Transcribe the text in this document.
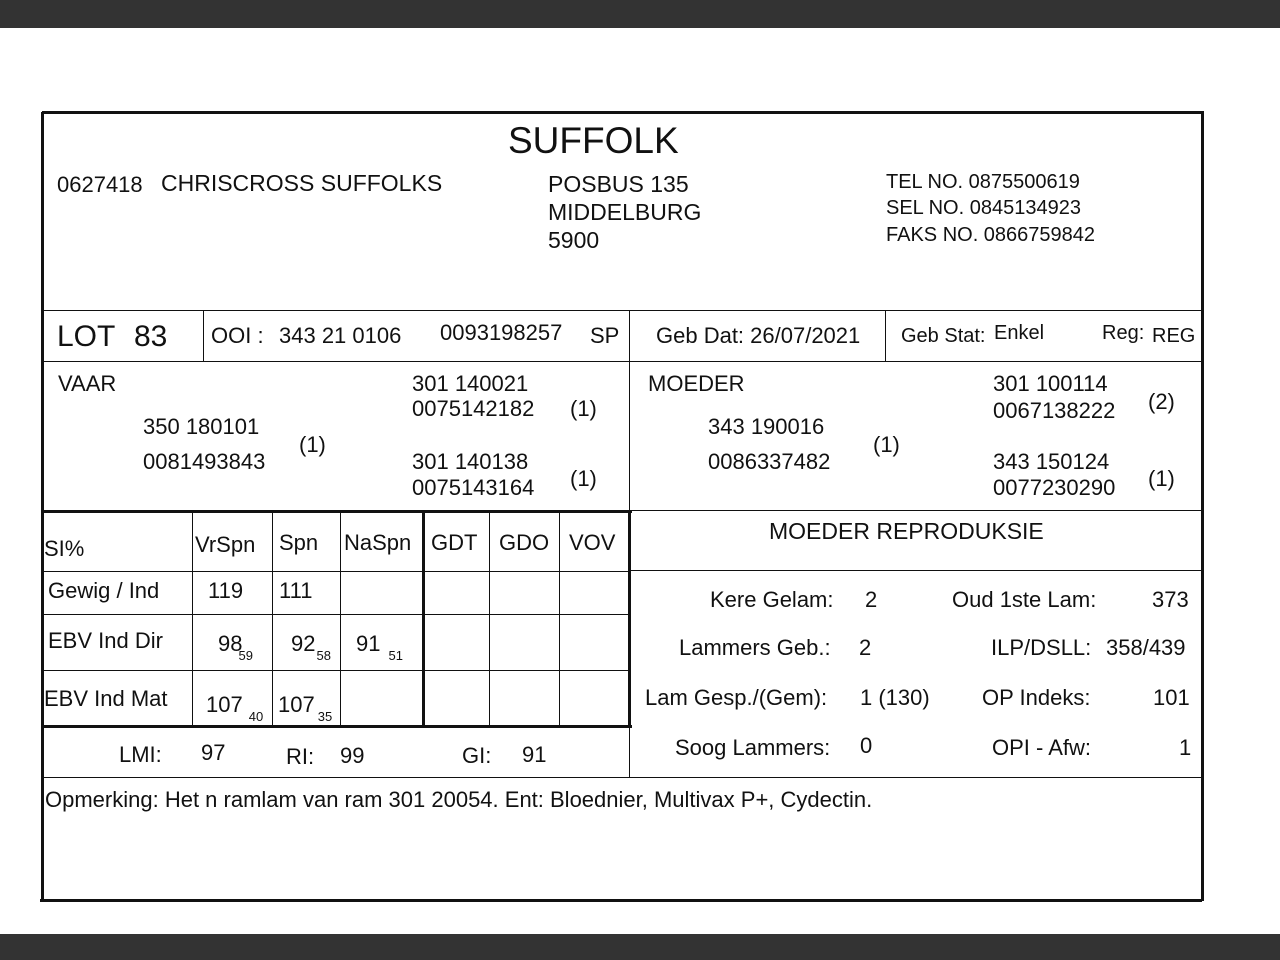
SUFFOLK
0627418 CHRISCROSS SUFFOLKS	POSBUS 135
MIDDELBURG
5900
TEL NO. 0875500619
SEL NO. 0845134923
FAKS NO. 0866759842
LOT 83 OOI : 343 21 0106 0093198257 SP Geb Dat: 26/07/2021 Geb Stat: Enkel	Reg: REG
VAAR
350 180101
0081493843
(1)
301 140021
0075142182 (1)
301 140138
0075143164 (1)
MOEDER
343 190016
0086337482
(1)
301 100114
0067138222 (2)
343 150124
0077230290 (1)
SI%	VrSpn Spn NaSpn GDT GDO VOV
Gewig / Ind 119 111
EBV Ind Dir	$98_{59}$ $92_{58}$ 91 $_{51}$
EBV Ind Mat 107 $_{40}$ 107 $_{35}$
LMI: 97	RI: 99	GI: 91
MOEDER REPRODUKSIE
Kere Gelam: 2	Oud 1ste Lam:	373
Lammers Geb.: 2	ILP/DSLL: 358/439
Lam Gesp./(Gem): 1 (130) OP Indeks:	101
Soog Lammers: 0	OPI - Afw:	1
Opmerking: Het n ramlam van ram 301 20054. Ent: Bloednier, Multivax P+, Cydectin.
